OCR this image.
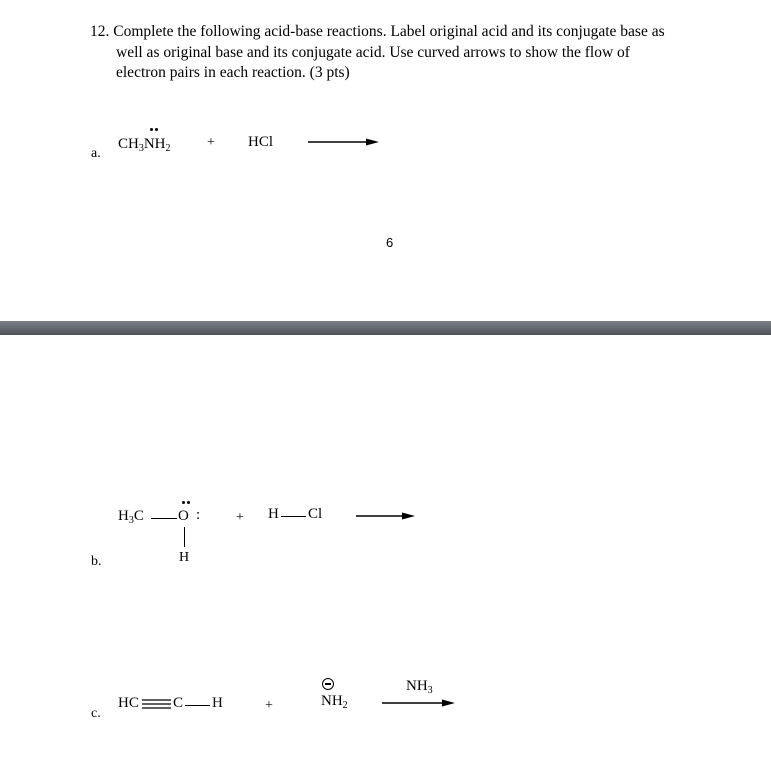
12. Complete the following acid-base reactions. Label original acid and its conjugate base as
well as original base and its conjugate acid. Use curved arrows to show the flow of
electron pairs in each reaction. (3 pts)
a.
$CH_3NH_2$	+ HCl
6
b.
$H_3C$ O :
H
+ H Cl
c.
HC C H	+	$NH_2$
$NH_3$
